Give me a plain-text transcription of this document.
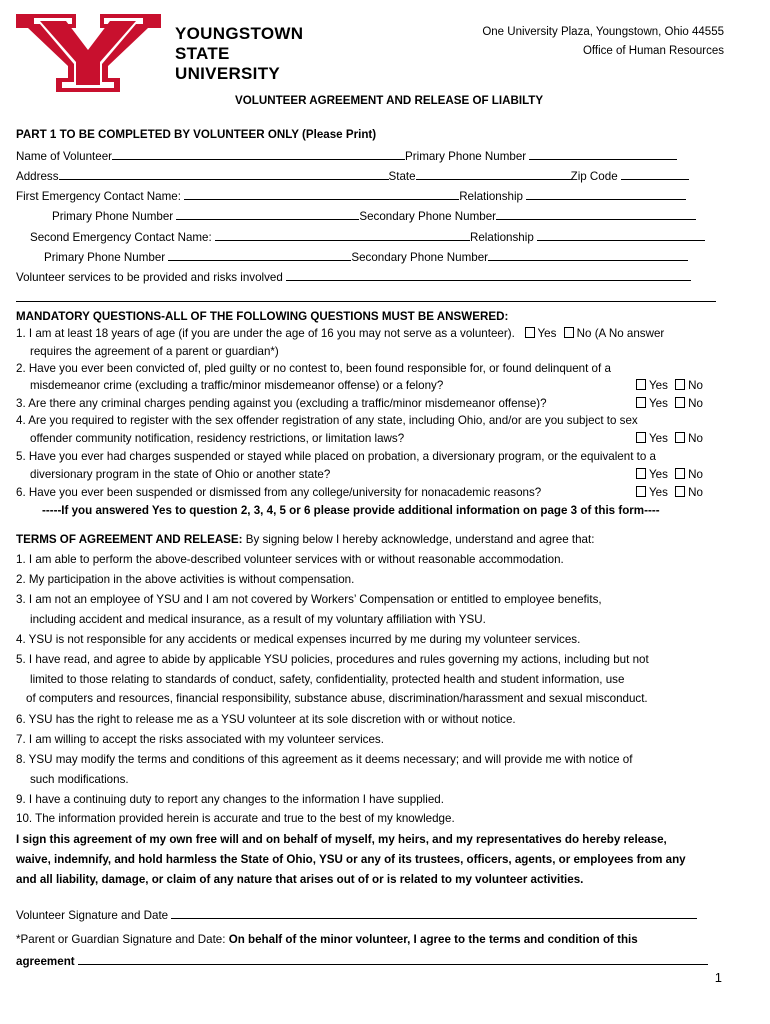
YOUNGSTOWN
STATE
UNIVERSITY
One University Plaza, Youngstown, Ohio 44555
Office of Human Resources
VOLUNTEER AGREEMENT AND RELEASE OF LIABILTY
PART 1 TO BE COMPLETED BY VOLUNTEER ONLY (Please Print)
Name of Volunteer	Primary Phone Number
Address	State	Zip Code
First Emergency Contact Name:	Relationship
Primary Phone Number	Secondary Phone Number
Second Emergency Contact Name:	Relationship
Primary Phone Number	Secondary Phone Number
Volunteer services to be provided and risks involved
MANDATORY QUESTIONS-ALL OF THE FOLLOWING QUESTIONS MUST BE ANSWERED:
1. I am at least 18 years of age (if you are under the age of 16 you may not serve as a volunteer). Yes No (A No answer
requires the agreement of a parent or guardian*)
2. Have you ever been convicted of, pled guilty or no contest to, been found responsible for, or found delinquent of a
misdemeanor crime (excluding a traffic/minor misdemeanor offense) or a felony?	Yes No
3. Are there any criminal charges pending against you (excluding a traffic/minor misdemeanor offense)?	Yes No
4. Are you required to register with the sex offender registration of any state, including Ohio, and/or are you subject to sex
offender community notification, residency restrictions, or limitation laws?	Yes No
5. Have you ever had charges suspended or stayed while placed on probation, a diversionary program, or the equivalent to a
diversionary program in the state of Ohio or another state?	Yes No
6. Have you ever been suspended or dismissed from any college/university for nonacademic reasons?	Yes No
-----If you answered Yes to question 2, 3, 4, 5 or 6 please provide additional information on page 3 of this form----
TERMS OF AGREEMENT AND RELEASE: By signing below I hereby acknowledge, understand and agree that:
1. I am able to perform the above-described volunteer services with or without reasonable accommodation.
2. My participation in the above activities is without compensation.
3. I am not an employee of YSU and I am not covered by Workers’ Compensation or entitled to employee benefits,
including accident and medical insurance, as a result of my voluntary affiliation with YSU.
4. YSU is not responsible for any accidents or medical expenses incurred by me during my volunteer services.
5. I have read, and agree to abide by applicable YSU policies, procedures and rules governing my actions, including but not
limited to those relating to standards of conduct, safety, confidentiality, protected health and student information, use
of computers and resources, financial responsibility, substance abuse, discrimination/harassment and sexual misconduct.
6. YSU has the right to release me as a YSU volunteer at its sole discretion with or without notice.
7. I am willing to accept the risks associated with my volunteer services.
8. YSU may modify the terms and conditions of this agreement as it deems necessary; and will provide me with notice of
such modifications.
9. I have a continuing duty to report any changes to the information I have supplied.
10. The information provided herein is accurate and true to the best of my knowledge.
I sign this agreement of my own free will and on behalf of myself, my heirs, and my representatives do hereby release,
waive, indemnify, and hold harmless the State of Ohio, YSU or any of its trustees, officers, agents, or employees from any
and all liability, damage, or claim of any nature that arises out of or is related to my volunteer activities.
Volunteer Signature and Date
*Parent or Guardian Signature and Date: On behalf of the minor volunteer, I agree to the terms and condition of this
agreement
1
